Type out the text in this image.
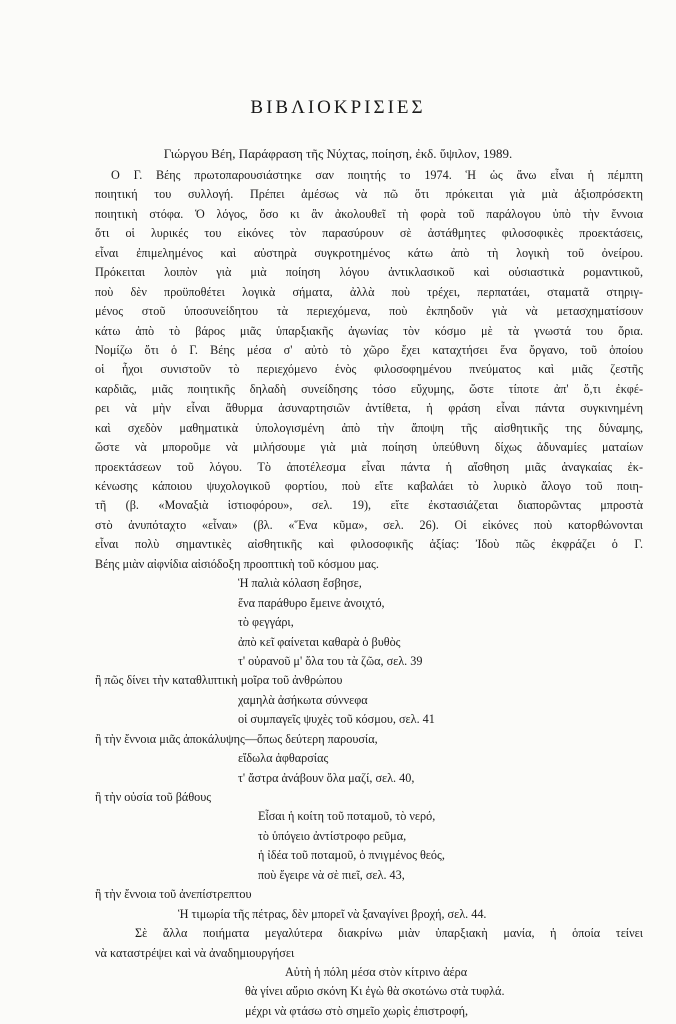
ΒΙΒΛΙΟΚΡΙΣΙΕΣ
Γιώργου Βέη, Παράφραση τῆς Νύχτας, ποίηση, ἐκδ. ὕψιλον, 1989.
Ο Γ. Βέης πρωτοπαρουσιάστηκε σαν ποιητής το 1974. Ἡ ὡς ἄνω εἶναι ἡ πέμπτη
ποιητική του συλλογή. Πρέπει ἀμέσως νὰ πῶ ὅτι πρόκειται γιὰ μιὰ ἀξιοπρόσεκτη
ποιητικὴ στόφα. Ὁ λόγος, ὅσο κι ἂν ἀκολουθεῖ τὴ φορὰ τοῦ παράλογου ὑπὸ τὴν ἔννοια
ὅτι οἱ λυρικές του εἰκόνες τὸν παρασύρουν σὲ ἀστάθμητες φιλοσοφικὲς προεκτάσεις,
εἶναι ἐπιμελημένος καὶ αὐστηρὰ συγκροτημένος κάτω ἀπὸ τὴ λογικὴ τοῦ ὀνείρου.
Πρόκειται λοιπὸν γιὰ μιὰ ποίηση λόγου ἀντικλασικοῦ καὶ οὐσιαστικὰ ρομαντικοῦ,
ποὺ δὲν προϋποθέτει λογικὰ σήματα, ἀλλὰ ποὺ τρέχει, περπατάει, σταματᾶ στηριγ-
μένος στοῦ ὑποσυνείδητου τὰ περιεχόμενα, ποὺ ἐκπηδοῦν γιὰ νὰ μετασχηματίσουν
κάτω ἀπὸ τὸ βάρος μιᾶς ὑπαρξιακῆς ἀγωνίας τὸν κόσμο μὲ τὰ γνωστά του ὅρια.
Νομίζω ὅτι ὁ Γ. Βέης μέσα σ' αὐτὸ τὸ χῶρο ἔχει καταχτήσει ἕνα ὄργανο, τοῦ ὁποίου
οἱ ἦχοι συνιστοῦν τὸ περιεχόμενο ἑνὸς φιλοσοφημένου πνεύματος καὶ μιᾶς ζεστῆς
καρδιᾶς, μιᾶς ποιητικῆς δηλαδὴ συνείδησης τόσο εὔχυμης, ὥστε τίποτε ἀπ' ὅ,τι ἐκφέ-
ρει νὰ μὴν εἶναι ἄθυρμα ἀσυναρτησιῶν ἀντίθετα, ἡ φράση εἶναι πάντα συγκινημένη
καὶ σχεδὸν μαθηματικὰ ὑπολογισμένη ἀπὸ τὴν ἄποψη τῆς αἰσθητικῆς της δύναμης,
ὥστε νὰ μποροῦμε νὰ μιλήσουμε γιὰ μιὰ ποίηση ὑπεύθυνη δίχως ἀδυναμίες ματαίων
προεκτάσεων τοῦ λόγου. Τὸ ἀποτέλεσμα εἶναι πάντα ἡ αἴσθηση μιᾶς ἀναγκαίας ἐκ-
κένωσης κάποιου ψυχολογικοῦ φορτίου, ποὺ εἴτε καβαλάει τὸ λυρικὸ ἄλογο τοῦ ποιη-
τῆ (β. «Μοναξιὰ ἱστιοφόρου», σελ. 19), εἴτε ἐκστασιάζεται διαπορῶντας μπροστὰ
στὸ ἀνυπόταχτο «εἶναι» (βλ. «Ἕνα κῦμα», σελ. 26). Οἱ εἰκόνες ποὺ κατορθώνονται
εἶναι πολὺ σημαντικὲς αἰσθητικῆς καὶ φιλοσοφικῆς ἀξίας: Ἰδοὺ πῶς ἐκφράζει ὁ Γ.
Βέης μιὰν αἰφνίδια αἰσιόδοξη προοπτικὴ τοῦ κόσμου μας.
Ἡ παλιὰ κόλαση ἔσβησε,
ἕνα παράθυρο ἔμεινε ἀνοιχτό,
τὸ φεγγάρι,
ἀπὸ κεῖ φαίνεται καθαρὰ ὁ βυθὸς
τ' οὐρανοῦ μ' ὅλα του τὰ ζῶα, σελ. 39
ἢ πῶς δίνει τὴν καταθλιπτικὴ μοῖρα τοῦ ἀνθρώπου
χαμηλὰ ἀσήκωτα σύννεφα
οἱ συμπαγεῖς ψυχὲς τοῦ κόσμου, σελ. 41
ἢ τὴν ἔννοια μιᾶς ἀποκάλυψης—ὅπως δεύτερη παρουσία,
εἴδωλα ἀφθαρσίας
τ' ἄστρα ἀνάβουν ὅλα μαζί, σελ. 40,
ἢ τὴν οὐσία τοῦ βάθους
Εἶσαι ἡ κοίτη τοῦ ποταμοῦ, τὸ νερό,
τὸ ὑπόγειο ἀντίστροφο ρεῦμα,
ἡ ἰδέα τοῦ ποταμοῦ, ὁ πνιγμένος θεός,
ποὺ ἔγειρε νὰ σὲ πιεῖ, σελ. 43,
ἢ τὴν ἔννοια τοῦ ἀνεπίστρεπτου
Ἡ τιμωρία τῆς πέτρας, δὲν μπορεῖ νὰ ξαναγίνει βροχή, σελ. 44.
Σὲ ἄλλα ποιήματα μεγαλύτερα διακρίνω μιὰν ὑπαρξιακὴ μανία, ἡ ὁποία τείνει
νὰ καταστρέψει καὶ νὰ ἀναδημιουργήσει
Αὐτὴ ἡ πόλη μέσα στὸν κίτρινο ἀέρα
θὰ γίνει αὔριο σκόνη Κι ἐγὼ θὰ σκοτώνω στὰ τυφλά.
μέχρι νὰ φτάσω στὸ σημεῖο χωρὶς ἐπιστροφή,
